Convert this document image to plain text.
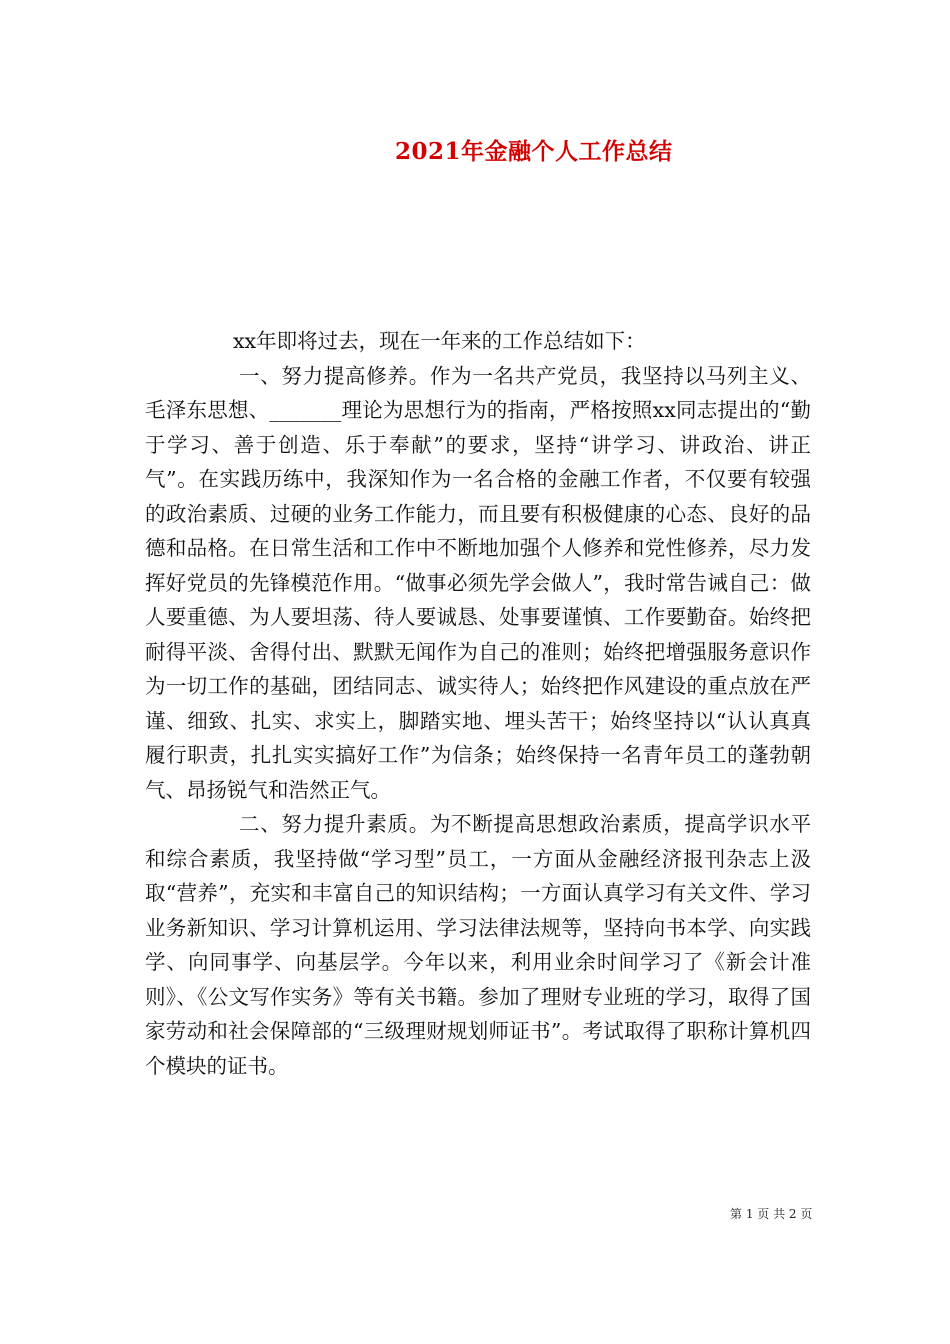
2021年金融个人工作总结

xx年即将过去，现在一年来的工作总结如下：

一、努力提高修养。作为一名共产党员，我坚持以马列主义、毛泽东思想、_______理论为思想行为的指南，严格按照xx同志提出的“勤于学习、善于创造、乐于奉献”的要求，坚持“讲学习、讲政治、讲正气”。在实践历练中，我深知作为一名合格的金融工作者，不仅要有较强的政治素质、过硬的业务工作能力，而且要有积极健康的心态、良好的品德和品格。在日常生活和工作中不断地加强个人修养和党性修养，尽力发挥好党员的先锋模范作用。“做事必须先学会做人”，我时常告诫自己：做人要重德、为人要坦荡、待人要诚恳、处事要谨慎、工作要勤奋。始终把耐得平淡、舍得付出、默默无闻作为自己的准则；始终把增强服务意识作为一切工作的基础，团结同志、诚实待人；始终把作风建设的重点放在严谨、细致、扎实、求实上，脚踏实地、埋头苦干；始终坚持以“认认真真履行职责，扎扎实实搞好工作”为信条；始终保持一名青年员工的蓬勃朝气、昂扬锐气和浩然正气。

二、努力提升素质。为不断提高思想政治素质，提高学识水平和综合素质，我坚持做“学习型”员工，一方面从金融经济报刊杂志上汲取“营养”，充实和丰富自己的知识结构；一方面认真学习有关文件、学习业务新知识、学习计算机运用、学习法律法规等，坚持向书本学、向实践学、向同事学、向基层学。今年以来，利用业余时间学习了《新会计准则》、《公文写作实务》等有关书籍。参加了理财专业班的学习，取得了国家劳动和社会保障部的“三级理财规划师证书”。考试取得了职称计算机四个模块的证书。

第 1 页 共 2 页
